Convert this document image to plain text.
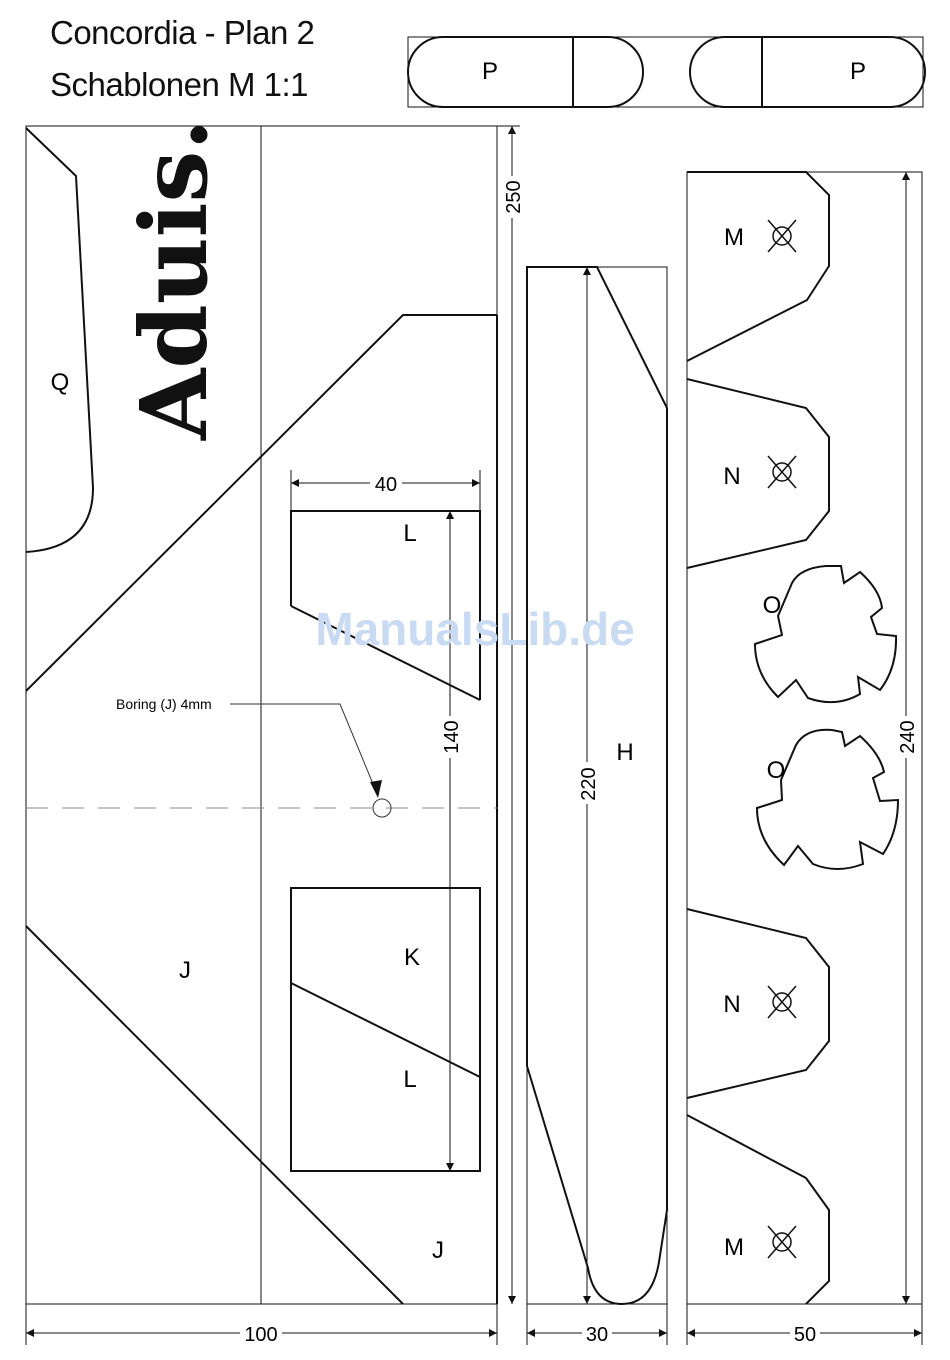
Concordia - Plan 2
Schablonen M 1:1	P	P
Aduis.
Q
L
K
L
J
J
Boring (J) 4mm
H
M
N
O
O
N
M
250
40
140
220
240
100	30	50
ManualsLib.de
